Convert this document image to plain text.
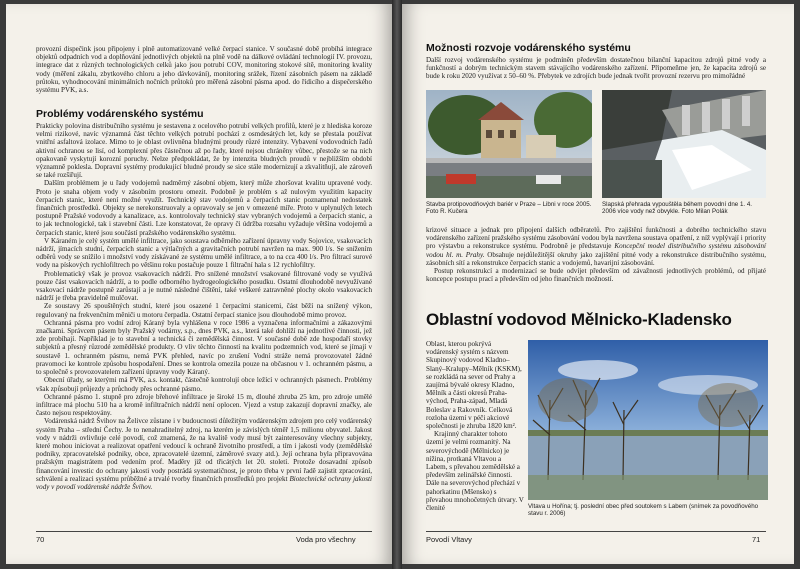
provozní dispečink jsou připojeny i plně automatizované velké čerpací stanice. V současné době probíhá integrace objektů odpadních vod a doplňování jednotlivých objektů na plně vodě na dálkové ovládání technologií IV. provozu, integrace dat z různých technologických celků jako jsou potrubí COV, monitoring stokové sítě, monitoring kvality vody (měření zákalu, zbytkového chloru a jeho dávkování), monitoring srážek, řízení zásobních pásem na základě průtoku, vyhodnocování minimálních nočních průtoků pro měřená zásobní pásma apod. do řídicího a dispečerského systému PVK, a.s.

Problémy vodárenského systému

Prakticky polovina distribučního systému je sestavena z ocelového potrubí velkých profilů, které je z hlediska koroze velmi rizikové, navíc významná část těchto velkých potrubí pochází z osmdesátých let, kdy se přestala používat vnitřní asfaltová izolace. Mimo to je oblast ovlivněna bludnými proudy růzré intenzity. Vybavení vodovodních řadů aktivní ochranou se lisí, od komplexní přes částečnou až po řady, které nejsou chráněny vůbec, přestože se na nich opakovaně vyskytují korozní poruchy. Nelze předpokládat, že by intenzita bludných proudů v nejbližším období významně poklesla. Dopravní systémy produkující bludné proudy se sice stále modernizují a zkvalitňují, ale zároveň se také rozšiřují.

Dalším problémem je u řady vodojemů nadměrný zásobní objem, který může zhoršovat kvalitu upravené vody. Proto je snaha objem vody v zásobním prostoru omezit. Podobně je problém s až nulovým využitím kapacity čerpacích stanic, které není možné využít. Technický stav vodojemů a čerpacích stanic poznamenal nedostatek finančních prostředků. Objekty se nerekonstruovaly a opravovaly se jen v omezené míře. Proto v uplynulých letech postupně Pražské vodovody a kanalizace, a.s. kontrolovaly technický stav vybraných vodojemů a čerpacích stanic, a to jak technologické, tak i stavební části. Lze konstatovat, že opravy či údržba rozsahu vyžaduje většina vodojemů a čerpacích stanic, které jsou součástí pražského vodárenského systému.

V Káraném je celý systém umělé infiltrace, jako soustava odběrného zařízení úpravny vody Sojovice, vsakovacích nádrží, jímacích studní, čerpacích stanic a výtlačných a gravitačních potrubí navržen na max. 900 l/s. Se snížením odběrů vody se snížilo i množství vody získávané ze systému umělé infiltrace, a to na cca 400 l/s. Pro filtrací surové vody na pískových rychlofiltrech po většinu roku postačuje pouze 1 filtrační hala s 12 rychlofiltry.

Problematický však je provoz vsakovacích nádrží. Pro snížené množství vsakované filtrované vody se využívá pouze část vsakovacích nádrží, a to podle odborného hydrogeologického posudku. Ostatní dlouhodobě nevyužívané vsakovací nádrže postupně zarůstají a je nutné následné čištění, také veškeré zatravněné plochy okolo vsakovacích nádrží je třeba pravidelně mulčovat.

Ze soustavy 26 spouštěných studní, které jsou osazené 1 čerpacími stanicemi, část běží na snížený výkon, regulovaný na frekvenčním měniči u motoru čerpadla. Ostatní čerpací stanice jsou dlouhodobě mimo provoz.

Ochranná pásma pro vodní zdroj Káraný byla vyhlášena v roce 1986 a vyznačena informačními a zákazovými značkami. Správcem pásem byly Pražský vodárny, s.p., dnes PVK, a.s., která také dohlíží na jednotlivé činnosti, jež zde probíhají. Například je to stavební a technická či zemědělská činnost. V současné době zde hospodaří stovky subjektů a přesný růzrodé zemědělské produkty. O vliv těchto činností na kvalitu podzemních vod, které se jímají v soustavě 1. ochranném pásmu, nemá PVK přehled, navíc po zrušení Vodní stráže nemá provozovatel žádné pravomoci ke kontrole způsobu hospodaření. Dnes se kontrola omezila pouze na občasnou v 1. ochranném pásmu, a to společně s provozovatelem zařízení úpravny vody Káraný.

Obecní úřady, se kterými má PVK, a.s. kontakt, částečně kontrolují obce ležící v ochranných pásmech. Problémy však způsobují průjezdy a průchody přes ochranné pásmo.

Ochranné pásmo 1. stupně pro zdroje břehové infiltrace je široké 15 m, dlouhé zhruba 25 km, pro zdroje umělé infiltrace má plochu 510 ha a kromě infiltračních nádrží není oplocen. Vjezd a vstup zakazují dopravní značky, ale často nejsou respektovány.

Vodárenská nádrž Švihov na Želivce zůstane i v budoucnosti důležitým vodárenským zdrojem pro celý vodárenský systém Praha – střední Čechy. Je to nenahraditelný zdroj, na kterém je závislých téměř 1,5 milionu obyvatel. Jakost vody v nádrži ovlivňuje celé povodí, což znamená, že na kvalitě vody musí být zainteresovány všechny subjekty, které mohou iniciovat a realizovat opatření vedoucí k ochraně životního prostředí, a tím i jakosti vody (zemědělské podniky, zpracovatelské podniky, obce, zpracovatelé územní, záměrové svazy atd.). Její ochrana byla připravována pražským magistrátem pod vedením prof. Maděry již od třicátých let 20. století. Protože dosavadní způsob financování investic do ochrany jakosti vody postrádá systematičnost, je proto třeba v první řadě zajistit zpracování, schválení a realizaci systému průběžné a trvalé tvorby finančních prostředků pro projekt Biotechnické ochrany jakosti vody v povodí vodárenské nádrže Švihov.

70	Voda pro všechny
Možnosti rozvoje vodárenského systému

Další rozvoj vodárenského systému je podmíněn především dostatečnou bilanční kapacitou zdrojů pitné vody a funkčností a dobrým technickým stavem stávajícího vodárenského zařízení. Připomeňme jen, že kapacita zdrojů se bude k roku 2020 využívat z 50–60 %. Přebytek ve zdrojích bude jednak tvořit provozní rezervu pro mimořádné

Stavba protipovodňových bariér v Praze – Libni v roce 2005. Foto R. Kučera
Slapská přehrada vypouštěla během povodní dne 1. 4. 2006 více vody než obvykle. Foto Milan Polák

krizové situace a jednak pro připojení dalších odběratelů. Pro zajištění funkčnosti a dobrého technického stavu vodárenského zařízení pražského systému zásobování vodou byla navržena soustava opatření, z níž vyplývají i priority pro výstavbu a rekonstrukce systému. Podrobně je představuje Koncepční model distribučního systému zásobování vodou hl. m. Prahy. Obsahuje nejdůležitější okruhy jako zajištění pitné vody a rekonstrukce distribučního systému, zásobních sítí a rekonstrukce čerpacích stanic a vodojemů, havarijní zásobování.

Postup rekonstrukcí a modernizací se bude odvíjet především od závažnosti jednotlivých problémů, od přijaté koncepce postupu prací a především od jeho finančních možností.

Oblastní vodovod Mělnicko-Kladensko

Oblast, kterou pokrývá vodárenský systém s názvem Skupinový vodovod Kladno–Slaný–Kralupy–Mělník (KSKM), se rozkládá na sever od Prahy a zaujímá bývalé okresy Kladno, Mělník a části okresů Praha-východ, Praha-západ, Mladá Boleslav a Rakovník. Celková rozloha území v péči akciové společnosti je zhruba 1820 km².

Krajinný charakter tohoto území je velmi rozmanitý. Na severovýchodě (Mělnicko) je nížina, protkaná Vltavou a Labem, s převahou zemědělské a především zelinářské činnosti. Dále na severovýchod přechází v pahorkatinu (Mšensko) s převahou mnohočetných útvary. V členité	Vltava u Hořína; tj. poslední obec před soutokem s Labem (snímek za povodňového stavu r. 2006)
Povodí Vltavy	71
